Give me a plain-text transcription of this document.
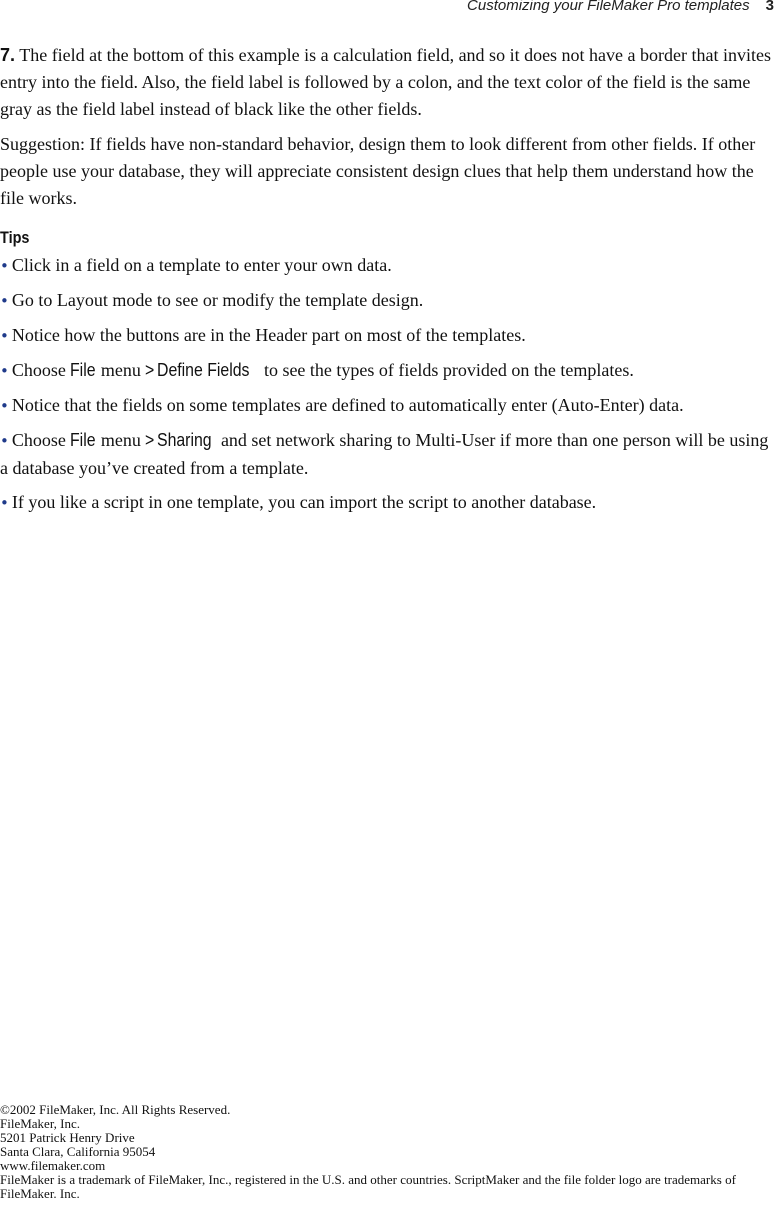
Customizing your FileMaker Pro templates 3

7. The field at the bottom of this example is a calculation field, and so it does not have a border that invites entry into the field. Also, the field label is followed by a colon, and the text color of the field is the same gray as the field label instead of black like the other fields.

Suggestion: If fields have non-standard behavior, design them to look different from other fields. If other people use your database, they will appreciate consistent design clues that help them understand how the file works.

Tips
• Click in a field on a template to enter your own data.
• Go to Layout mode to see or modify the template design.
• Notice how the buttons are in the Header part on most of the templates.
• Choose File menu > Define Fields to see the types of fields provided on the templates.
• Notice that the fields on some templates are defined to automatically enter (Auto-Enter) data.
• Choose File menu > Sharing and set network sharing to Multi-User if more than one person will be using a database you’ve created from a template.
• If you like a script in one template, you can import the script to another database.
©2002 FileMaker, Inc. All Rights Reserved.
FileMaker, Inc.
5201 Patrick Henry Drive
Santa Clara, California 95054
www.filemaker.com
FileMaker is a trademark of FileMaker, Inc., registered in the U.S. and other countries. ScriptMaker and the file folder logo are trademarks of FileMaker. Inc.
